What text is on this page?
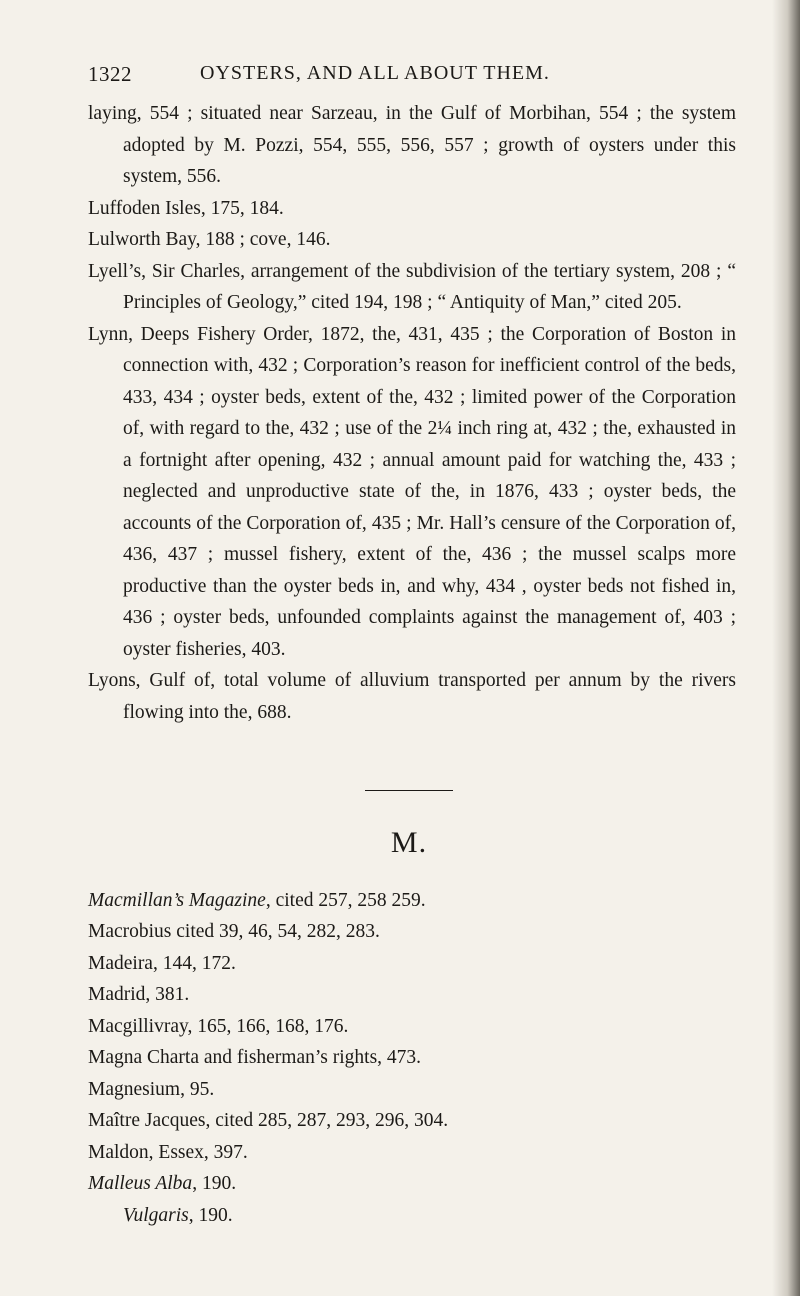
1322	OYSTERS, AND ALL ABOUT THEM.

laying, 554 ; situated near Sarzeau, in the Gulf of Morbihan, 554 ; the system adopted by M. Pozzi, 554, 555, 556, 557 ; growth of oysters under this system, 556.

Luffoden Isles, 175, 184.

Lulworth Bay, 188 ; cove, 146.

Lyell’s, Sir Charles, arrangement of the subdivision of the tertiary system, 208 ; “ Principles of Geology,” cited 194, 198 ; “ Antiquity of Man,” cited 205.

Lynn, Deeps Fishery Order, 1872, the, 431, 435 ; the Corporation of Boston in connection with, 432 ; Corporation’s reason for inefficient control of the beds, 433, 434 ; oyster beds, extent of the, 432 ; limited power of the Corporation of, with regard to the, 432 ; use of the 2¼ inch ring at, 432 ; the, exhausted in a fortnight after opening, 432 ; annual amount paid for watching the, 433 ; neglected and unproductive state of the, in 1876, 433 ; oyster beds, the accounts of the Corporation of, 435 ; Mr. Hall’s censure of the Corporation of, 436, 437 ; mussel fishery, extent of the, 436 ; the mussel scalps more productive than the oyster beds in, and why, 434 , oyster beds not fished in, 436 ; oyster beds, unfounded complaints against the management of, 403 ; oyster fisheries, 403.

Lyons, Gulf of, total volume of alluvium transported per annum by the rivers flowing into the, 688.

M.

Macmillan’s Magazine, cited 257, 258 259.

Macrobius cited 39, 46, 54, 282, 283.

Madeira, 144, 172.

Madrid, 381.

Macgillivray, 165, 166, 168, 176.

Magna Charta and fisherman’s rights, 473.

Magnesium, 95.

Maître Jacques, cited 285, 287, 293, 296, 304.

Maldon, Essex, 397.

Malleus Alba, 190.

Vulgaris, 190.
